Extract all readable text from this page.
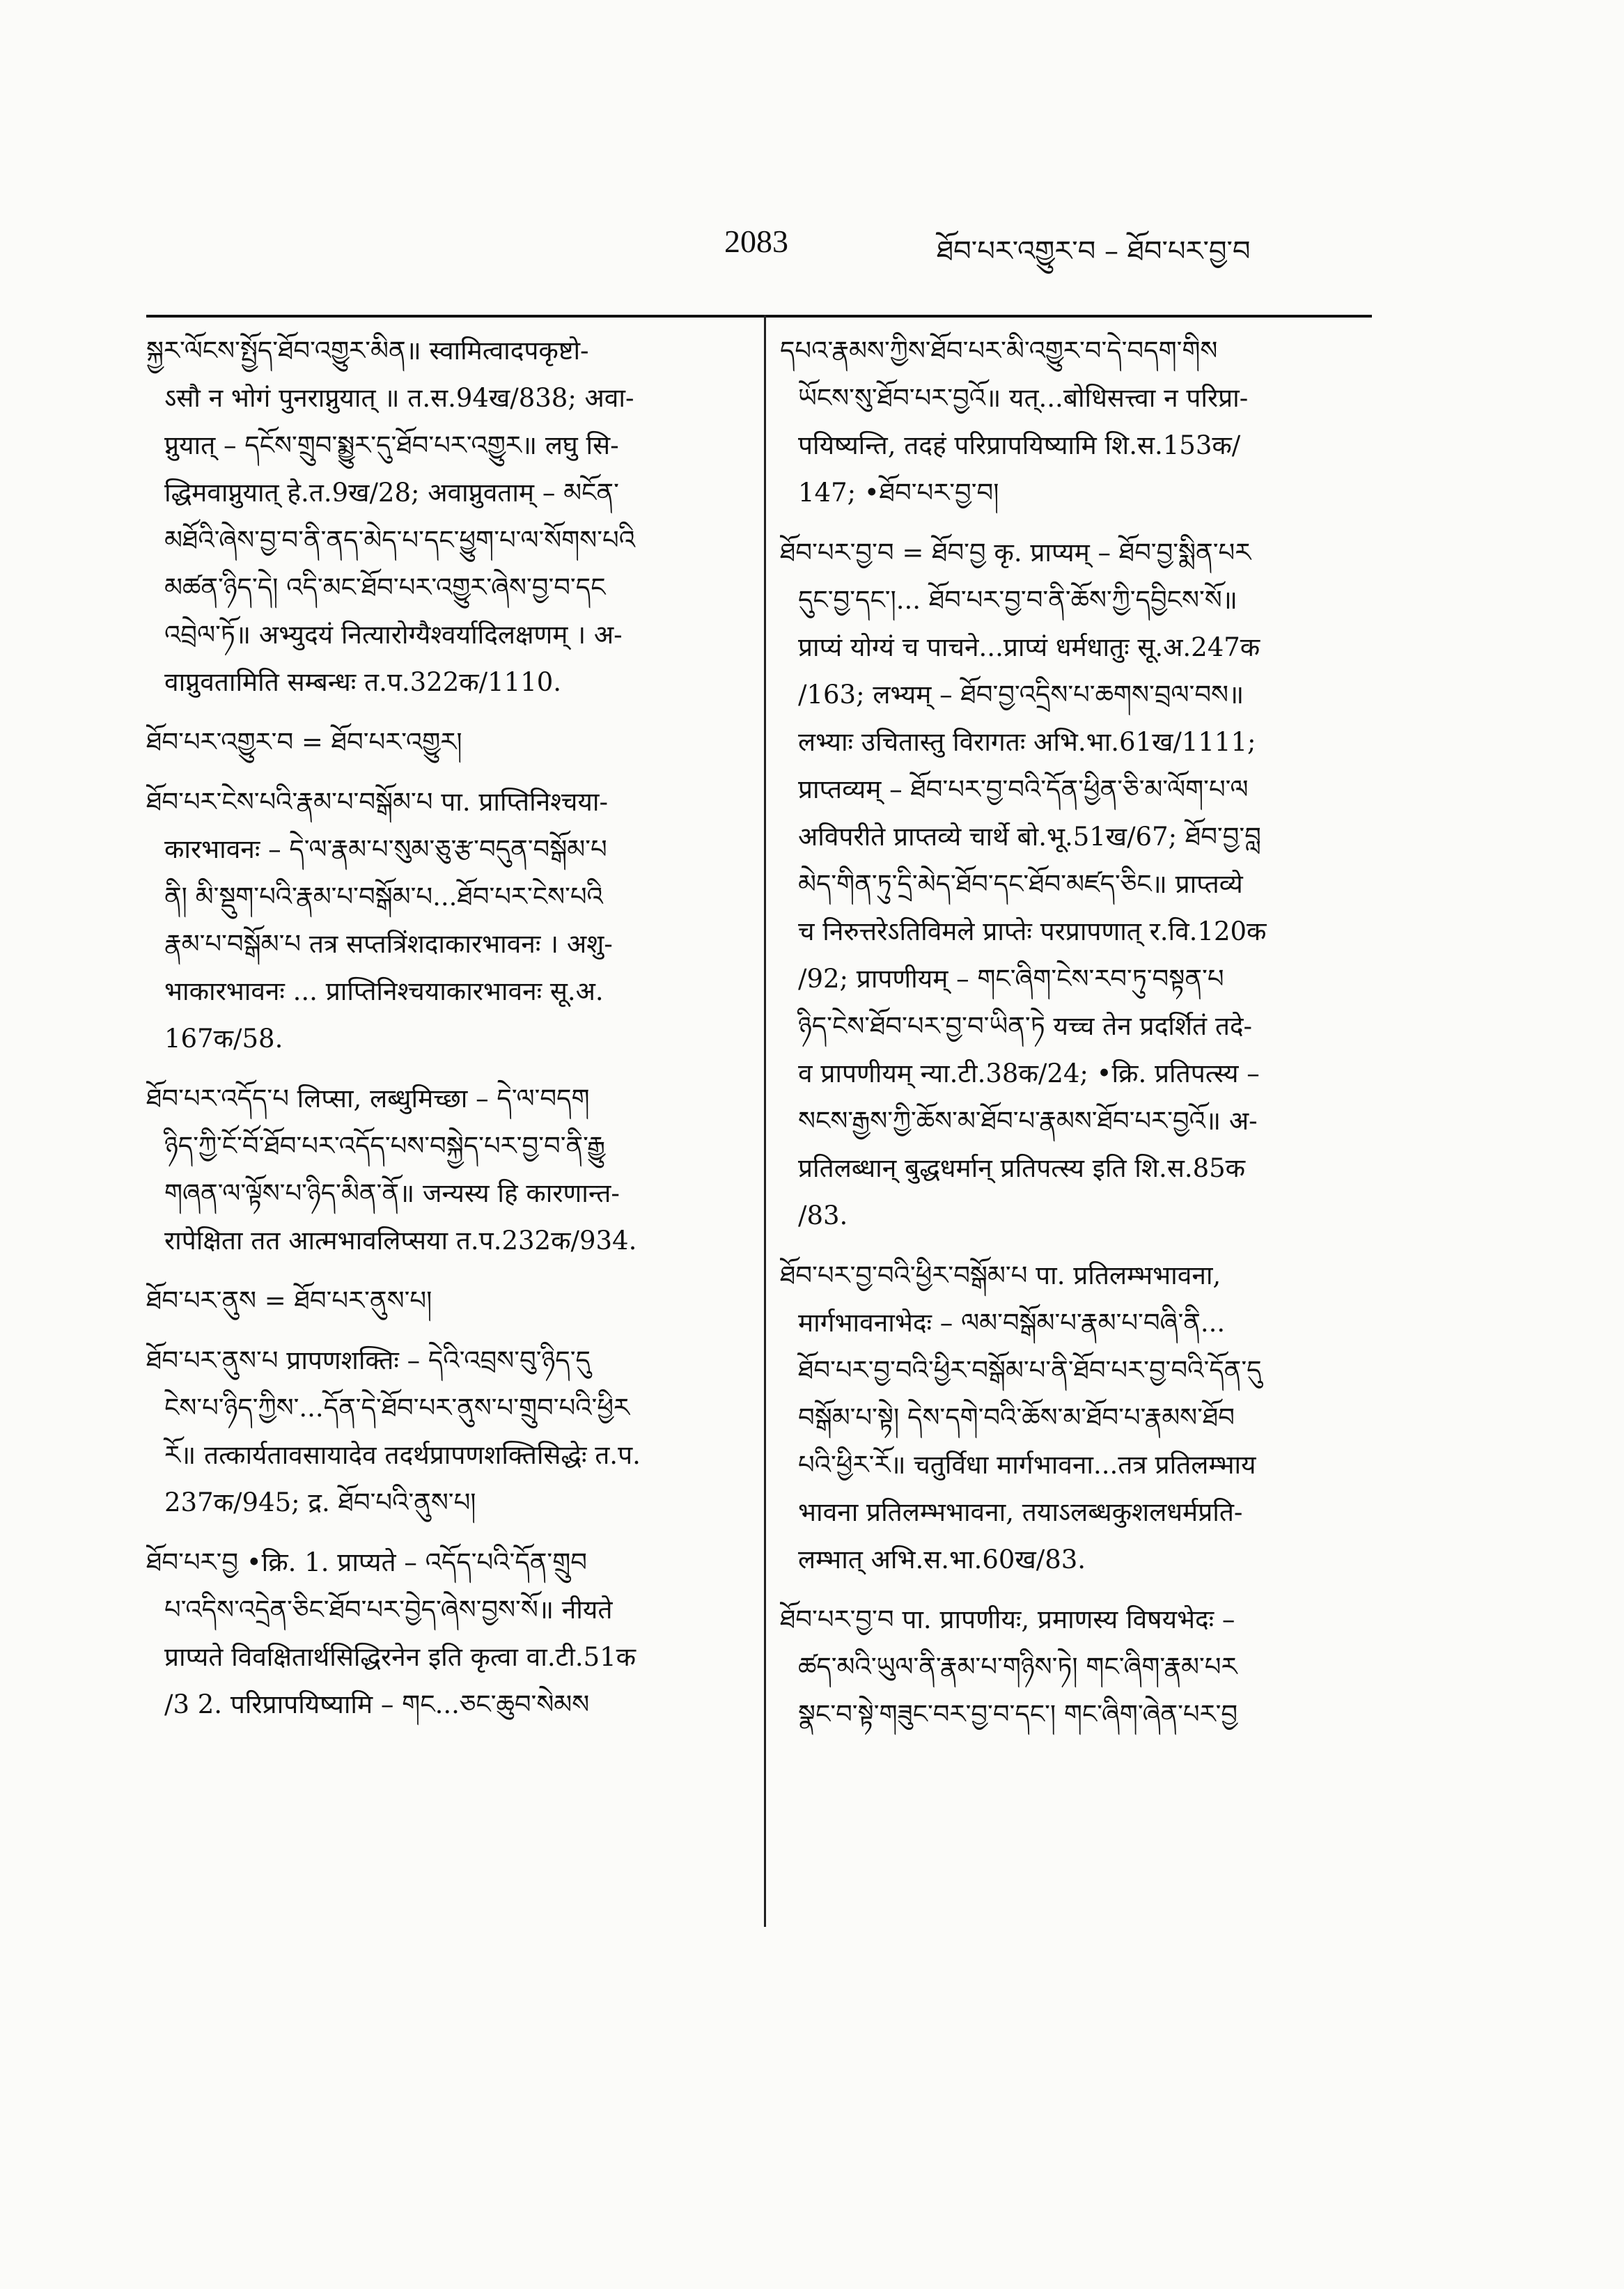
2083	ཐོབ་པར་འགྱུར་བ – ཐོབ་པར་བྱ་བ
སྐྱར་ལོངས་སྤྱོད་ཐོབ་འགྱུར་མིན॥ स्वामित्वादपकृष्टो-
ऽसौ न भोगं पुनराप्नुयात् ॥ त.स.94ख/838; अवा-
प्नुयात् – དངོས་གྲུབ་སྨྱུར་དུ་ཐོབ་པར་འགྱུར॥ लघु सि-
द्धिमवाप्नुयात् हे.त.9ख/28; अवाप्नुवताम् – མངོན་
མཐོའི་ཞེས་བྱ་བ་ནི་ནད་མེད་པ་དང་ཕྱུག་པ་ལ་སོགས་པའི
མཚན་ཉིད་དེ། འདི་མང་ཐོབ་པར་འགྱུར་ཞེས་བྱ་བ་དང
འབྲེལ་ཏོ॥ अभ्युदयं नित्यारोग्यैश्वर्यादिलक्षणम् । अ-
वाप्नुवतामिति सम्बन्धः त.प.322क/1110.
ཐོབ་པར་འགྱུར་བ = ཐོབ་པར་འགྱུར།
ཐོབ་པར་ངེས་པའི་རྣམ་པ་བསྒོམ་པ पा. प्राप्तिनिश्चया-
कारभावनः – དེ་ལ་རྣམ་པ་སུམ་ཅུ་རྩ་བདུན་བསྒོམ་པ
ནི། མི་སྡུག་པའི་རྣམ་པ་བསྒོམ་པ...ཐོབ་པར་ངེས་པའི
རྣམ་པ་བསྒོམ་པ तत्र सप्तत्रिंशदाकारभावनः । अशु-
भाकारभावनः ... प्राप्तिनिश्चयाकारभावनः सू.अ.
167क/58.
ཐོབ་པར་འདོད་པ लिप्सा, लब्धुमिच्छा – དེ་ལ་བདག
ཉིད་ཀྱི་ངོ་བོ་ཐོབ་པར་འདོད་པས་བསྐྱེད་པར་བྱ་བ་ནི་རྒྱུ
གཞན་ལ་ལྟོས་པ་ཉིད་མིན་ནོ॥ जन्यस्य हि कारणान्त-
रापेक्षिता तत आत्मभावलिप्सया त.प.232क/934.
ཐོབ་པར་ནུས = ཐོབ་པར་ནུས་པ།
ཐོབ་པར་ནུས་པ प्रापणशक्तिः – དེའི་འབྲས་བུ་ཉིད་དུ
ངེས་པ་ཉིད་ཀྱིས་...དོན་དེ་ཐོབ་པར་ནུས་པ་གྲུབ་པའི་ཕྱིར
རོ॥ तत्कार्यतावसायादेव तदर्थप्रापणशक्तिसिद्धेः त.प.
237क/945; द्र. ཐོབ་པའི་ནུས་པ།
ཐོབ་པར་བྱ •क्रि. 1. प्राप्यते – འདོད་པའི་དོན་གྲུབ
པ་འདིས་འདྲེན་ཅིང་ཐོབ་པར་བྱེད་ཞེས་བྱས་སོ॥ नीयते
प्राप्यते विवक्षितार्थसिद्धिरनेन इति कृत्वा वा.टी.51क
/3 2. परिप्रापयिष्यामि – གང...ཅང་ཆུབ་སེམས
དཔའ་རྣམས་ཀྱིས་ཐོབ་པར་མི་འགྱུར་བ་དེ་བདག་གིས
ཡོངས་སུ་ཐོབ་པར་བྱའོ॥ यत्...बोधिसत्त्वा न परिप्रा-
पयिष्यन्ति, तदहं परिप्रापयिष्यामि शि.स.153क/
147; •ཐོབ་པར་བྱ་བ།
ཐོབ་པར་བྱ་བ = ཐོབ་བྱ कृ. प्राप्यम् – ཐོབ་བྱ་སྨིན་པར
དུང་བྱ་དང་།... ཐོབ་པར་བྱ་བ་ནི་ཆོས་ཀྱི་དབྱིངས་སོ॥
प्राप्यं योग्यं च पाचने...प्राप्यं धर्मधातुः सू.अ.247क
/163; लभ्यम् – ཐོབ་བྱ་འདྲིས་པ་ཆགས་བྲལ་བས॥
लभ्याः उचितास्तु विरागतः अभि.भा.61ख/1111;
प्राप्तव्यम् – ཐོབ་པར་བྱ་བའི་དོན་ཕྱིན་ཅི་མ་ལོག་པ་ལ
अविपरीते प्राप्तव्ये चार्थे बो.भू.51ख/67; ཐོབ་བྱ་བླ
མེད་གིན་ཏུ་དྲི་མེད་ཐོབ་དང་ཐོབ་མཛད་ཅིང॥ प्राप्तव्ये
च निरुत्तरेऽतिविमले प्राप्तेः परप्रापणात् र.वि.120क
/92; प्रापणीयम् – གང་ཞིག་ངེས་རབ་ཏུ་བསྟན་པ
ཉིད་ངེས་ཐོབ་པར་བྱ་བ་ཡིན་ཏེ यच्च तेन प्रदर्शितं तदे-
व प्रापणीयम् न्या.टी.38क/24; •क्रि. प्रतिपत्स्य –
སངས་རྒྱས་ཀྱི་ཆོས་མ་ཐོབ་པ་རྣམས་ཐོབ་པར་བྱའོ॥ अ-
प्रतिलब्धान् बुद्धधर्मान् प्रतिपत्स्य इति शि.स.85क
/83.
ཐོབ་པར་བྱ་བའི་ཕྱིར་བསྒོམ་པ पा. प्रतिलम्भभावना,
मार्गभावनाभेदः – ལམ་བསྒོམ་པ་རྣམ་པ་བཞི་ནི...
ཐོབ་པར་བྱ་བའི་ཕྱིར་བསྒོམ་པ་ནི་ཐོབ་པར་བྱ་བའི་དོན་དུ
བསྒོམ་པ་སྟེ། དེས་དགེ་བའི་ཆོས་མ་ཐོབ་པ་རྣམས་ཐོབ
པའི་ཕྱིར་རོ॥ चतुर्विधा मार्गभावना...तत्र प्रतिलम्भाय
भावना प्रतिलम्भभावना, तयाऽलब्धकुशलधर्मप्रति-
लम्भात् अभि.स.भा.60ख/83.
ཐོབ་པར་བྱ་བ पा. प्रापणीयः, प्रमाणस्य विषयभेदः –
ཚད་མའི་ཡུལ་ནི་རྣམ་པ་གཉིས་ཏེ། གང་ཞིག་རྣམ་པར
སྣང་བ་སྟེ་གཟུང་བར་བྱ་བ་དང་། གང་ཞིག་ཞེན་པར་བྱ
